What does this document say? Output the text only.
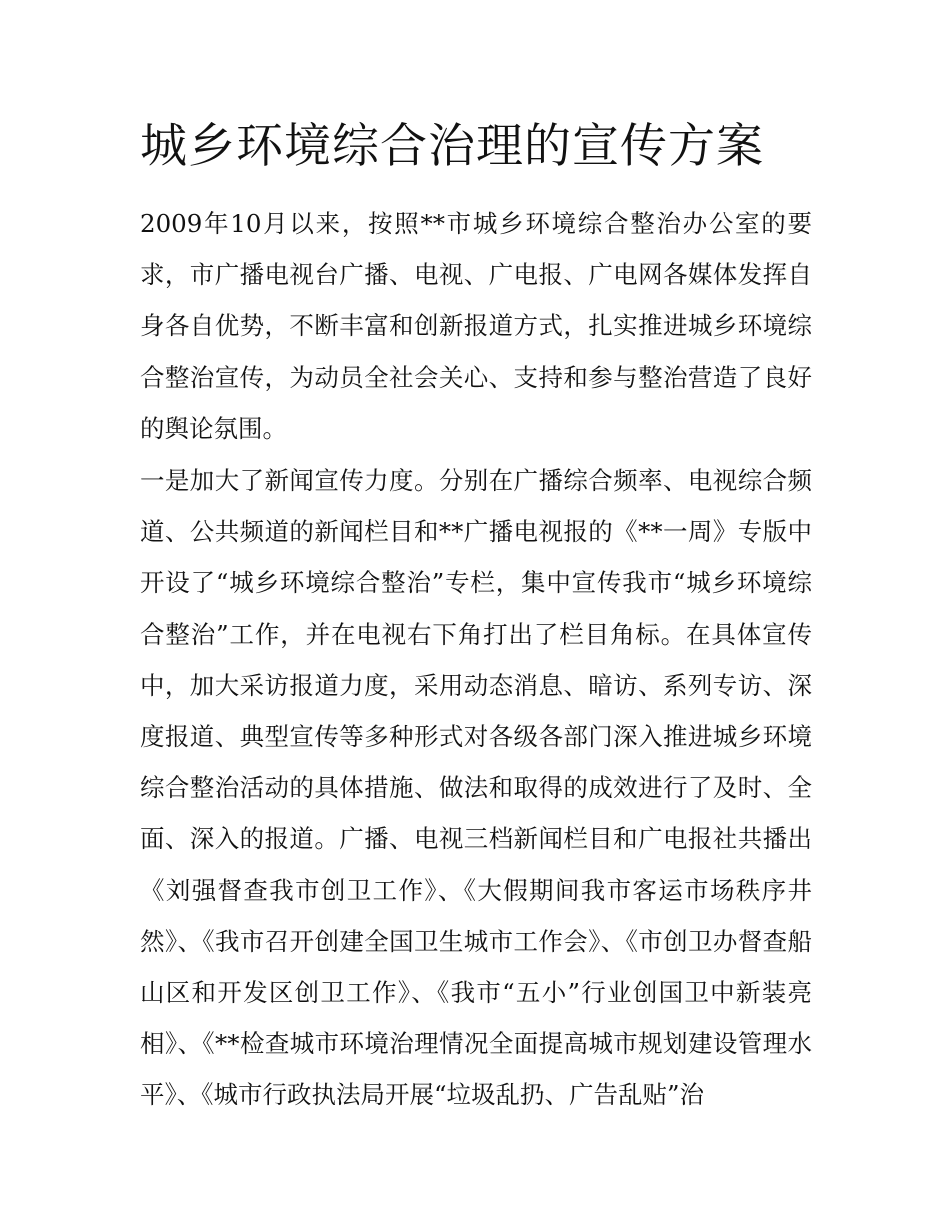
城乡环境综合治理的宣传方案

2009年10月以来，按照**市城乡环境综合整治办公室的要求，市广播电视台广播、电视、广电报、广电网各媒体发挥自身各自优势，不断丰富和创新报道方式，扎实推进城乡环境综合整治宣传，为动员全社会关心、支持和参与整治营造了良好的舆论氛围。

一是加大了新闻宣传力度。分别在广播综合频率、电视综合频道、公共频道的新闻栏目和**广播电视报的《**一周》专版中开设了“城乡环境综合整治”专栏，集中宣传我市“城乡环境综合整治”工作，并在电视右下角打出了栏目角标。在具体宣传中，加大采访报道力度，采用动态消息、暗访、系列专访、深度报道、典型宣传等多种形式对各级各部门深入推进城乡环境综合整治活动的具体措施、做法和取得的成效进行了及时、全面、深入的报道。广播、电视三档新闻栏目和广电报社共播出《刘强督查我市创卫工作》、《大假期间我市客运市场秩序井然》、《我市召开创建全国卫生城市工作会》、《市创卫办督查船山区和开发区创卫工作》、《我市“五小”行业创国卫中新装亮相》、《**检查城市环境治理情况全面提高城市规划建设管理水平》、《城市行政执法局开展“垃圾乱扔、广告乱贴”治
